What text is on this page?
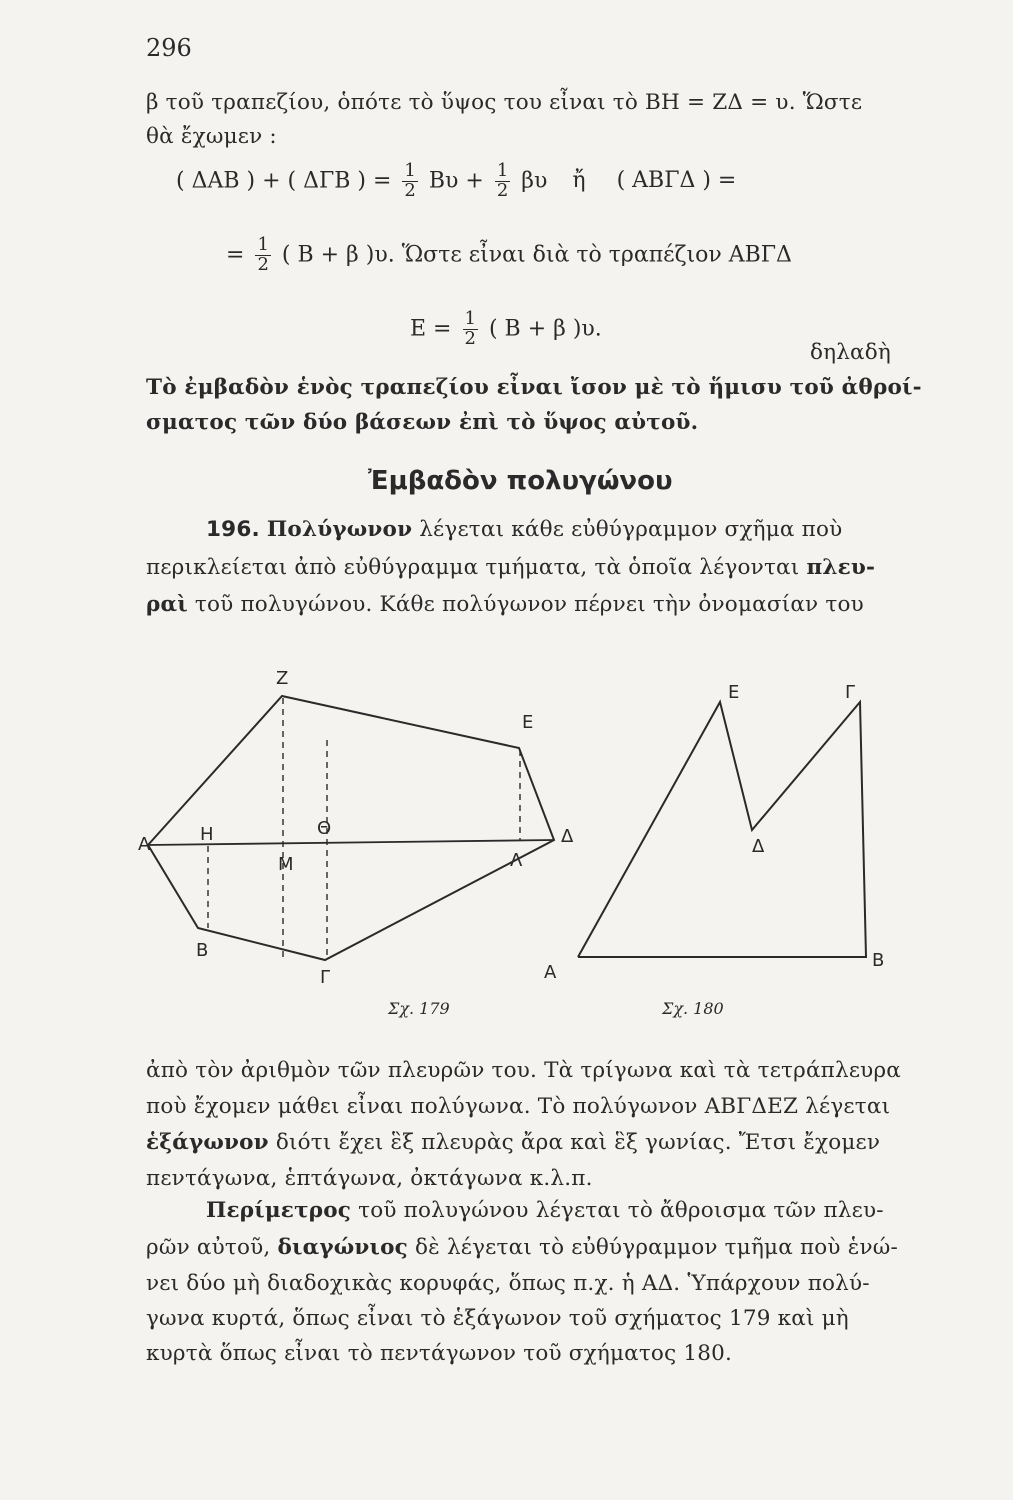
296
β τοῦ τραπεζίου, ὁπότε τὸ ὕψος του εἶναι τὸ ΒΗ = ΖΔ = υ. Ὥστε
θὰ ἔχωμεν :
( ΔΑΒ ) + ( ΔΓΒ ) = $\frac{1}{2}$ $B\upsilon + \frac{1}{2}$ βυ ἤ ( ΑΒΓΔ ) =
= $\frac{1}{2}$ ( Β + β )υ. Ὥστε εἶναι διὰ τὸ τραπέζιον ΑΒΓΔ
$E = \frac{1}{2}$ ( Β + β )υ.
δηλαδὴ
Τὸ ἐμβαδὸν ἑνὸς τραπεζίου εἶναι ἴσον μὲ τὸ ἥμισυ τοῦ ἀθροί-
σματος τῶν δύο βάσεων ἐπὶ τὸ ὕψος αὐτοῦ.
Ἐμβαδὸν πολυγώνου
196. Πολύγωνον λέγεται κάθε εὐθύγραμμον σχῆμα ποὺ
περικλείεται ἀπὸ εὐθύγραμμα τμήματα, τὰ ὁποῖα λέγονται πλευ-
ραὶ τοῦ πολυγώνου. Κάθε πολύγωνον πέρνει τὴν ὀνομασίαν του
Z
E
A	H	Θ
M	Λ
Δ
B
Γ
Σχ. 179
E	Γ
Δ
A
B
Σχ. 180
ἀπὸ τὸν ἀριθμὸν τῶν πλευρῶν του. Τὰ τρίγωνα καὶ τὰ τετράπλευρα
ποὺ ἔχομεν μάθει εἶναι πολύγωνα. Τὸ πολύγωνον ΑΒΓΔΕΖ λέγεται
ἑξάγωνον διότι ἔχει ἓξ πλευρὰς ἄρα καὶ ἓξ γωνίας. Ἔτσι ἔχομεν
πεντάγωνα, ἑπτάγωνα, ὀκτάγωνα κ.λ.π.
Περίμετρος τοῦ πολυγώνου λέγεται τὸ ἄθροισμα τῶν πλευ-
ρῶν αὐτοῦ, διαγώνιος δὲ λέγεται τὸ εὐθύγραμμον τμῆμα ποὺ ἑνώ-
νει δύο μὴ διαδοχικὰς κορυφάς, ὅπως π.χ. ἡ ΑΔ. Ὑπάρχουν πολύ-
γωνα κυρτά, ὅπως εἶναι τὸ ἑξάγωνον τοῦ σχήματος 179 καὶ μὴ
κυρτὰ ὅπως εἶναι τὸ πεντάγωνον τοῦ σχήματος 180.
